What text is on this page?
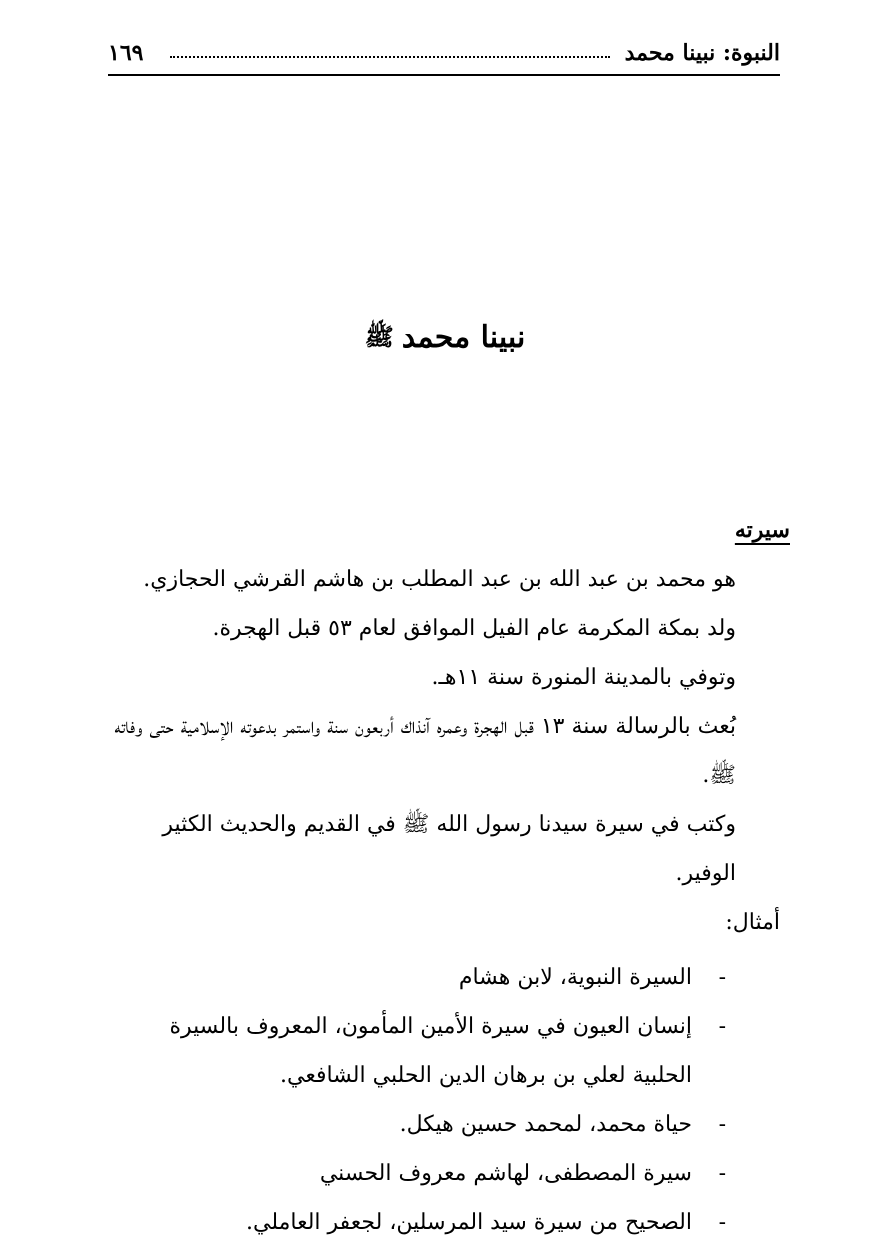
النبوة: نبينا محمد
١٦٩
نبينا محمدﷺ
سيرته
هو محمد بن عبد الله بن عبد المطلب بن هاشم القرشي الحجازي.
ولد بمكة المكرمة عام الفيل الموافق لعام ٥٣ قبل الهجرة.
وتوفي بالمدينة المنورة سنة ١١هـ.
بُعث بالرسالة سنة ١٣ قبل الهجرة وعمره آنذاك أربعون سنة واستمر بدعوته الإسلامية حتى وفاته ﷺ.
وكتب في سيرة سيدنا رسول الله ﷺ في القديم والحديث الكثير الوفير.
أمثال:
-
السيرة النبوية، لابن هشام
-
إنسان العيون في سيرة الأمين المأمون، المعروف بالسيرة الحلبية لعلي بن برهان الدين الحلبي الشافعي.
-
حياة محمد، لمحمد حسين هيكل.
-
سيرة المصطفى، لهاشم معروف الحسني
-
الصحيح من سيرة سيد المرسلين، لجعفر العاملي.
